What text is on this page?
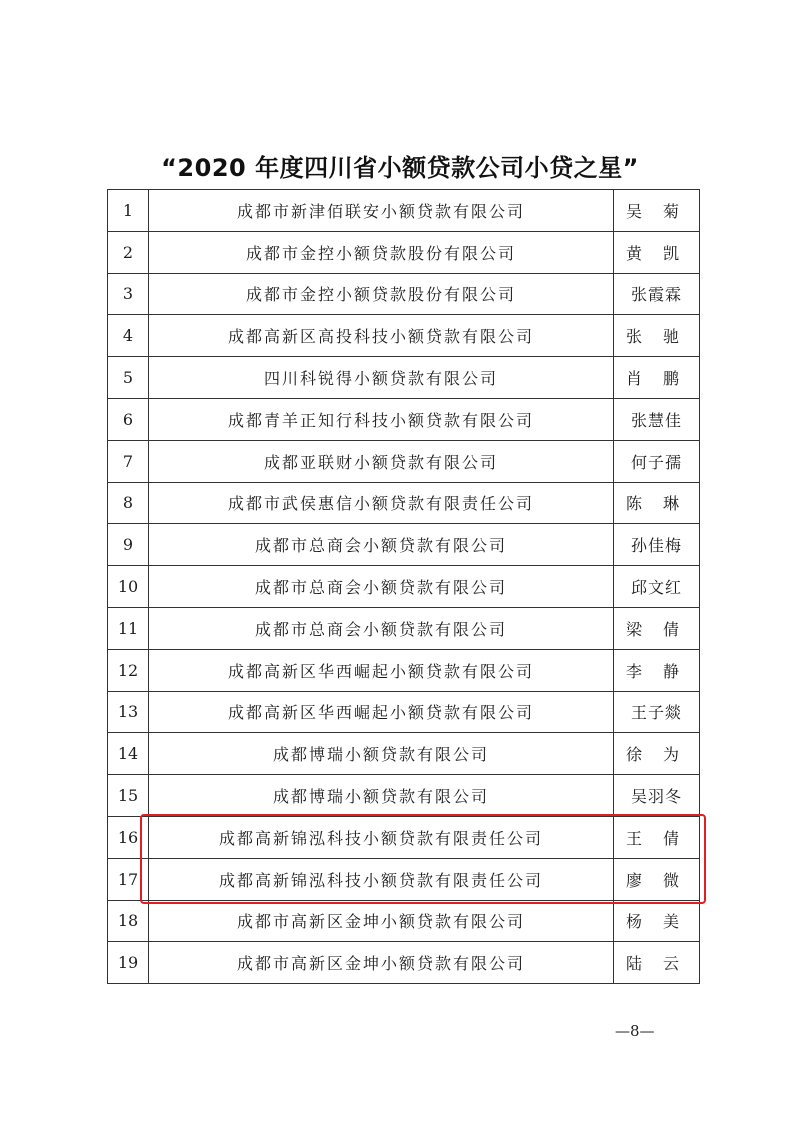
“2020 年度四川省小额贷款公司小贷之星”
1	成都市新津佰联安小额贷款有限公司	吴 菊
2	成都市金控小额贷款股份有限公司	黄 凯
3	成都市金控小额贷款股份有限公司	张霞霖
4	成都高新区高投科技小额贷款有限公司	张 驰
5	四川科锐得小额贷款有限公司	肖 鹏
6	成都青羊正知行科技小额贷款有限公司	张慧佳
7	成都亚联财小额贷款有限公司	何子孺
8	成都市武侯惠信小额贷款有限责任公司	陈 琳
9	成都市总商会小额贷款有限公司	孙佳梅
10	成都市总商会小额贷款有限公司	邱文红
11	成都市总商会小额贷款有限公司	梁 倩
12	成都高新区华西崛起小额贷款有限公司	李 静
13	成都高新区华西崛起小额贷款有限公司	王子燚
14	成都博瑞小额贷款有限公司	徐 为
15	成都博瑞小额贷款有限公司	吴羽冬
16	成都高新锦泓科技小额贷款有限责任公司	王 倩
17	成都高新锦泓科技小额贷款有限责任公司	廖 微
18	成都市高新区金坤小额贷款有限公司	杨 美
19	成都市高新区金坤小额贷款有限公司	陆 云
—8—
